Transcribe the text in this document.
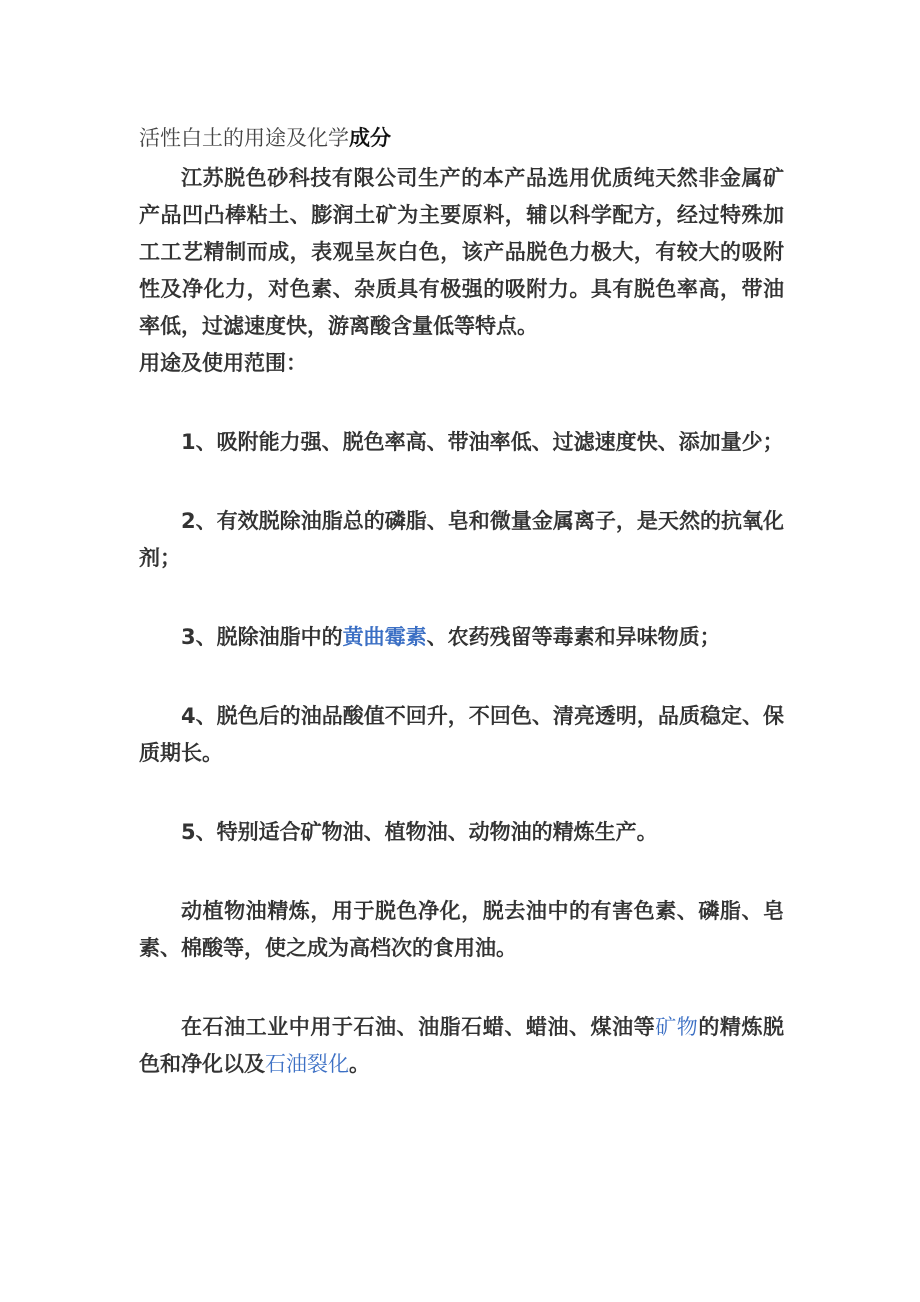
活性白土的用途及化学成分

江苏脱色砂科技有限公司生产的本产品选用优质纯天然非金属矿产品凹凸棒粘土、膨润土矿为主要原料，辅以科学配方，经过特殊加工工艺精制而成，表观呈灰白色，该产品脱色力极大，有较大的吸附性及净化力，对色素、杂质具有极强的吸附力。具有脱色率高，带油率低，过滤速度快，游离酸含量低等特点。

用途及使用范围：

1、吸附能力强、脱色率高、带油率低、过滤速度快、添加量少；

2、有效脱除油脂总的磷脂、皂和微量金属离子，是天然的抗氧化剂；

3、脱除油脂中的黄曲霉素、农药残留等毒素和异味物质；

4、脱色后的油品酸值不回升，不回色、清亮透明，品质稳定、保质期长。

5、特别适合矿物油、植物油、动物油的精炼生产。

动植物油精炼，用于脱色净化，脱去油中的有害色素、磷脂、皂素、棉酸等，使之成为高档次的食用油。

在石油工业中用于石油、油脂石蜡、蜡油、煤油等矿物的精炼脱色和净化以及石油裂化。
